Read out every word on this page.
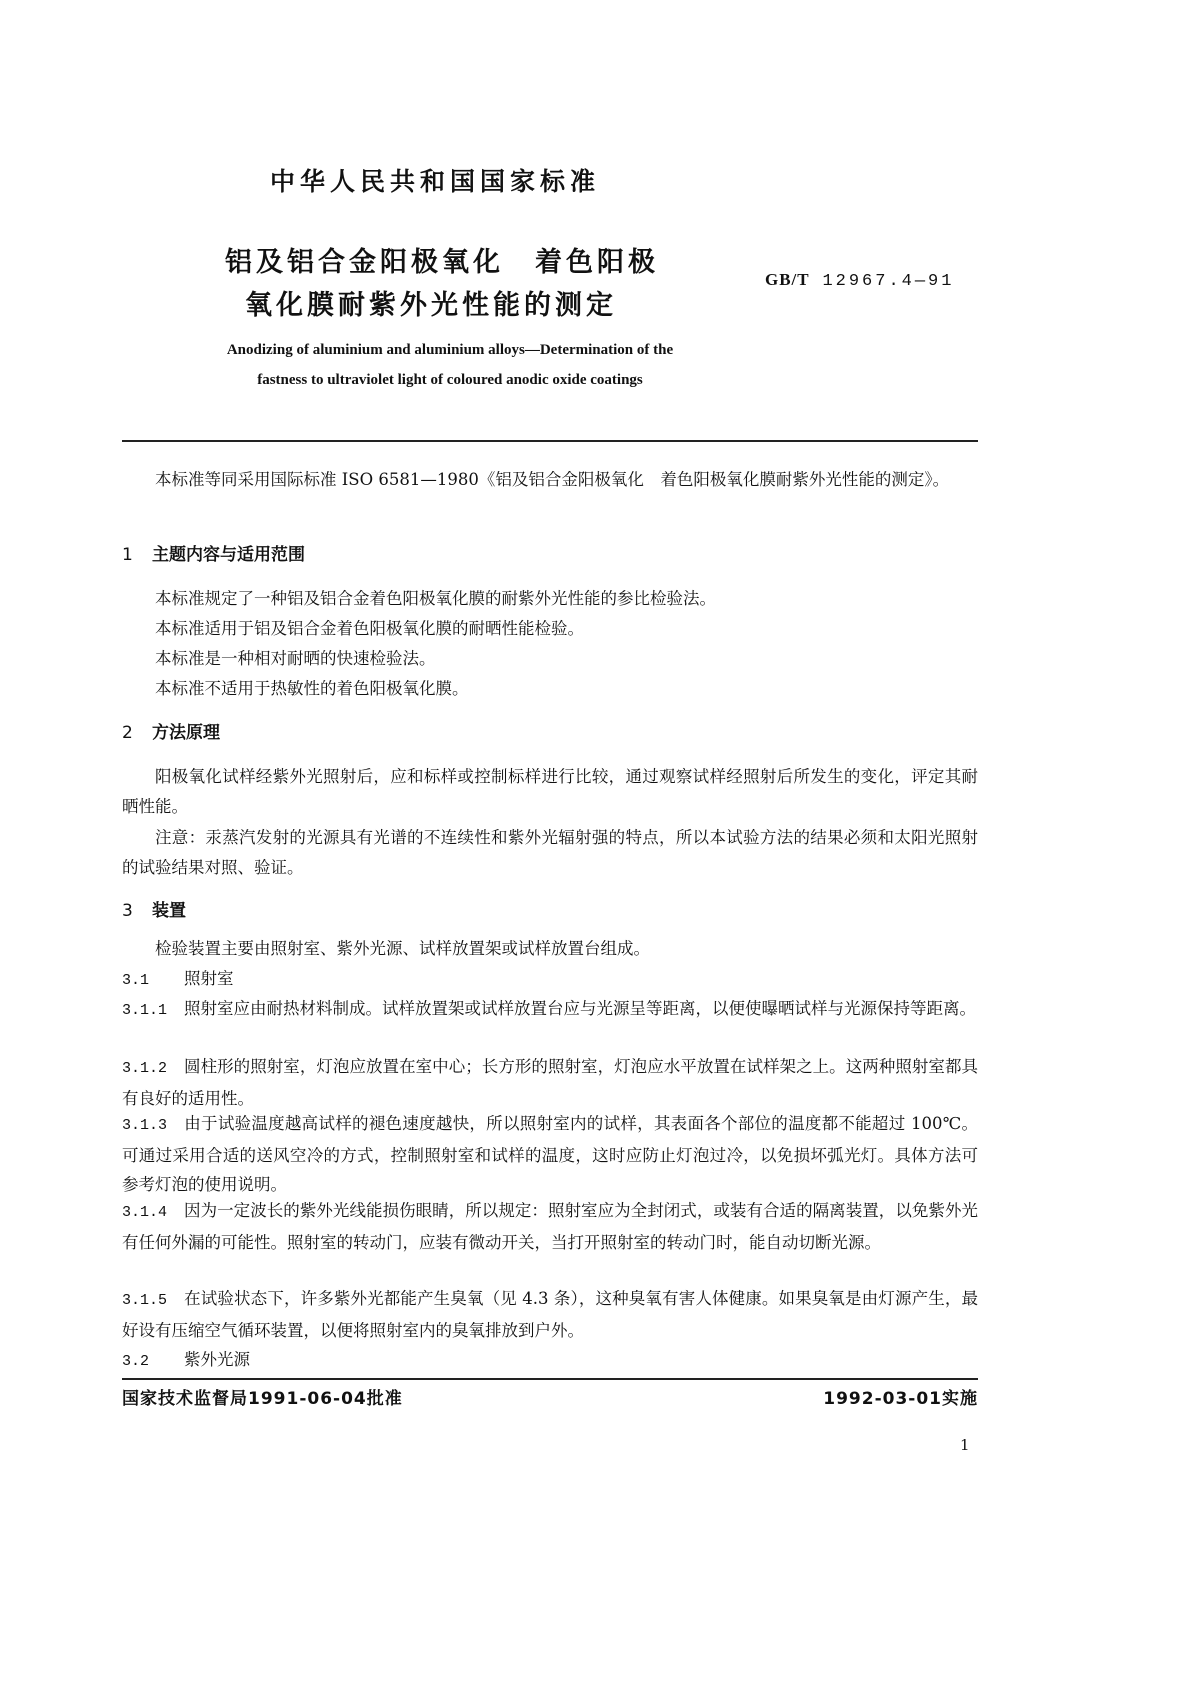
中华人民共和国国家标准
铝及铝合金阳极氧化　着色阳极
氧化膜耐紫外光性能的测定
GB/T 12967.4—91
Anodizing of aluminium and aluminium alloys—Determination of the
fastness to ultraviolet light of coloured anodic oxide coatings
本标准等同采用国际标准 ISO 6581—1980《铝及铝合金阳极氧化　着色阳极氧化膜耐紫外光性能的测定》。
1 主题内容与适用范围
本标准规定了一种铝及铝合金着色阳极氧化膜的耐紫外光性能的参比检验法。
本标准适用于铝及铝合金着色阳极氧化膜的耐晒性能检验。
本标准是一种相对耐晒的快速检验法。
本标准不适用于热敏性的着色阳极氧化膜。
2 方法原理
阳极氧化试样经紫外光照射后，应和标样或控制标样进行比较，通过观察试样经照射后所发生的变化，评定其耐晒性能。
注意：汞蒸汽发射的光源具有光谱的不连续性和紫外光辐射强的特点，所以本试验方法的结果必须和太阳光照射的试验结果对照、验证。
3 装置
检验装置主要由照射室、紫外光源、试样放置架或试样放置台组成。
3.1 照射室
3.1.1 照射室应由耐热材料制成。试样放置架或试样放置台应与光源呈等距离，以便使曝晒试样与光源保持等距离。
3.1.2 圆柱形的照射室，灯泡应放置在室中心；长方形的照射室，灯泡应水平放置在试样架之上。这两种照射室都具有良好的适用性。
3.1.3 由于试验温度越高试样的褪色速度越快，所以照射室内的试样，其表面各个部位的温度都不能超过 100℃。可通过采用合适的送风空冷的方式，控制照射室和试样的温度，这时应防止灯泡过冷，以免损坏弧光灯。具体方法可参考灯泡的使用说明。
3.1.4 因为一定波长的紫外光线能损伤眼睛，所以规定：照射室应为全封闭式，或装有合适的隔离装置，以免紫外光有任何外漏的可能性。照射室的转动门，应装有微动开关，当打开照射室的转动门时，能自动切断光源。
3.1.5 在试验状态下，许多紫外光都能产生臭氧（见 4.3 条），这种臭氧有害人体健康。如果臭氧是由灯源产生，最好设有压缩空气循环装置，以便将照射室内的臭氧排放到户外。
3.2 紫外光源
国家技术监督局1991-06-04批准	1992-03-01实施
1
